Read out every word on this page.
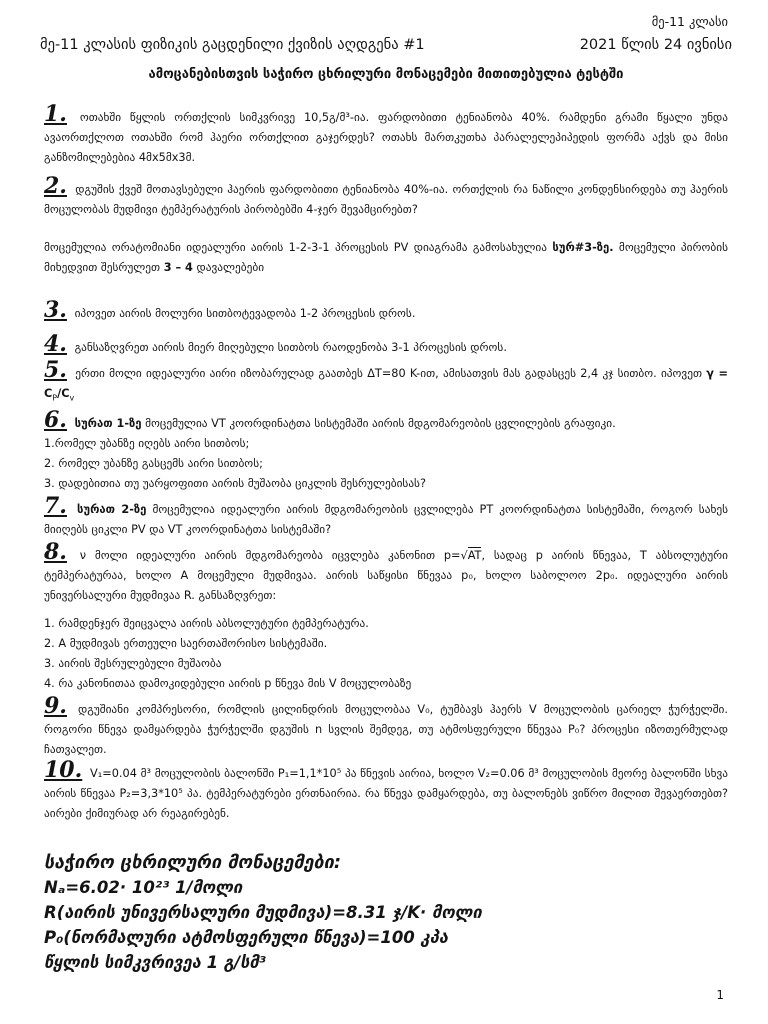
მე-11 კლასი
მე-11 კლასის ფიზიკის გაცდენილი ქვიზის აღდგენა #1	2021 წლის 24 ივნისი
ამოცანებისთვის საჭირო ცხრილური მონაცემები მითითებულია ტესტში
1. ოთახში წყლის ორთქლის სიმკვრივე 10,5გ/მ³-ია. ფარდობითი ტენიანობა 40%. რამდენი გრამი წყალი უნდა ავაორთქლოთ ოთახში რომ ჰაერი ორთქლით გაჯერდეს? ოთახს მართკუთხა პარალელეპიპედის ფორმა აქვს და მისი განზომილებებია 4მx5მx3მ.
2. დგუშის ქვეშ მოთავსებული ჰაერის ფარდობითი ტენიანობა 40%-ია. ორთქლის რა ნაწილი კონდენსირდება თუ ჰაერის მოცულობას მუდმივი ტემპერატურის პირობებში 4-ჯერ შევამცირებთ?
მოცემულია ორატომიანი იდეალური აირის 1-2-3-1 პროცესის PV დიაგრამა გამოსახულია სურ#3-ზე. მოცემული პირობის მიხედვით შესრულეთ 3 – 4 დავალებები
3. იპოვეთ აირის მოლური სითბოტევადობა 1-2 პროცესის დროს.
4. განსაზღვრეთ აირის მიერ მიღებული სითბოს რაოდენობა 3-1 პროცესის დროს.
5. ერთი მოლი იდეალური აირი იზობარულად გაათბეს ΔT=80 K-ით, ამისათვის მას გადასცეს 2,4 კჯ სითბო. იპოვეთ $\gamma = C_P/C_v$
6. სურათ 1-ზე მოცემულია VT კოორდინატთა სისტემაში აირის მდგომარეობის ცვლილების გრაფიკი.

1.რომელ უბანზე იღებს აირი სითბოს;

2. რომელ უბანზე გასცემს აირი სითბოს;

3. დადებითია თუ უარყოფითი აირის მუშაობა ციკლის შესრულებისას?

7. სურათ 2-ზე მოცემულია იდეალური აირის მდგომარეობის ცვლილება PT კოორდინატთა სისტემაში, როგორ სახეს მიიღებს ციკლი PV და VT კოორდინატთა სისტემაში?
8. ν მოლი იდეალური აირის მდგომარეობა იცვლება კანონით p=√AT, სადაც p აირის წნევაა, T აბსოლუტური ტემპერატურაა, ხოლო A მოცემული მუდმივაა. აირის საწყისი წნევაა p₀, ხოლო საბოლოო 2p₀. იდეალური აირის უნივერსალური მუდმივაა R. განსაზღვრეთ:

1. რამდენჯერ შეიცვალა აირის აბსოლუტური ტემპერატურა.

2. A მუდმივას ერთეული საერთაშორისო სისტემაში.

3. აირის შესრულებული მუშაობა

4. რა კანონითაა დამოკიდებული აირის p წნევა მის V მოცულობაზე

9. დგუშიანი კომპრესორი, რომლის ცილინდრის მოცულობაა V₀, ტუმბავს ჰაერს V მოცულობის ცარიელ ჭურჭელში. როგორი წნევა დამყარდება ჭურჭელში დგუშის n სვლის შემდეგ, თუ ატმოსფერული წნევაა P₀? პროცესი იზოთერმულად ჩათვალეთ.
10. V₁=0.04 მ³ მოცულობის ბალონში P₁=1,1*10⁵ პა წნევის აირია, ხოლო V₂=0.06 მ³ მოცულობის მეორე ბალონში სხვა აირის წნევაა P₂=3,3*10⁵ პა. ტემპერატურები ერთნაირია. რა წნევა დამყარდება, თუ ბალონებს ვიწრო მილით შევაერთებთ? აირები ქიმიურად არ რეაგირებენ.
საჭირო ცხრილური მონაცემები:
Nₐ=6.02· 10²³ 1/მოლი
R(აირის უნივერსალური მუდმივა)=8.31 ჯ/K· მოლი
P₀(ნორმალური ატმოსფერული წნევა)=100 კპა
წყლის სიმკვრივეა 1 გ/სმ³
1
